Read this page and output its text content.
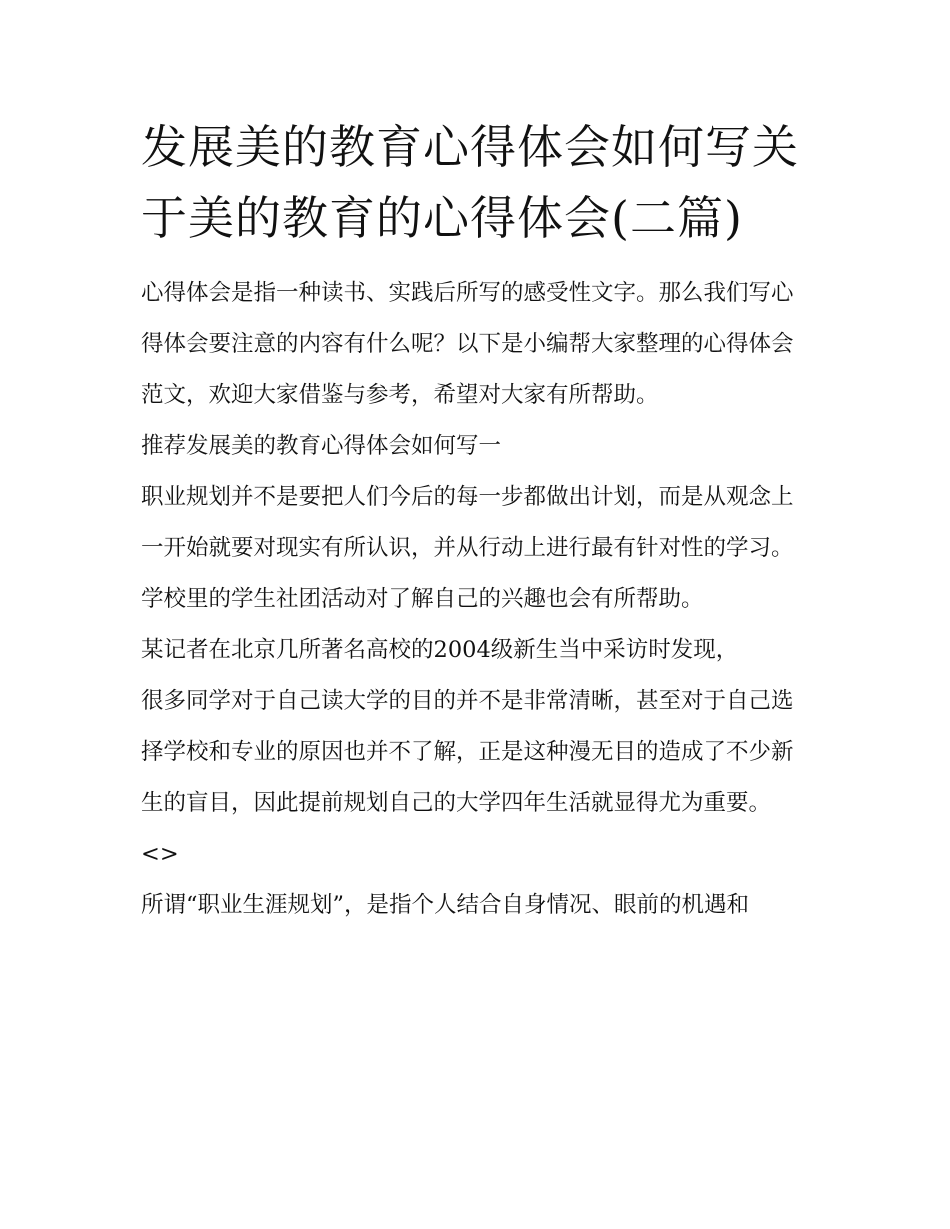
发展美的教育心得体会如何写关于美的教育的心得体会(二篇)

心得体会是指一种读书、实践后所写的感受性文字。那么我们写心得体会要注意的内容有什么呢？以下是小编帮大家整理的心得体会范文，欢迎大家借鉴与参考，希望对大家有所帮助。

推荐发展美的教育心得体会如何写一

职业规划并不是要把人们今后的每一步都做出计划，而是从观念上一开始就要对现实有所认识，并从行动上进行最有针对性的学习。学校里的学生社团活动对了解自己的兴趣也会有所帮助。

某记者在北京几所著名高校的2004级新生当中采访时发现，

很多同学对于自己读大学的目的并不是非常清晰，甚至对于自己选择学校和专业的原因也并不了解，正是这种漫无目的造成了不少新生的盲目，因此提前规划自己的大学四年生活就显得尤为重要。

<>

所谓“职业生涯规划”，是指个人结合自身情况、眼前的机遇和
